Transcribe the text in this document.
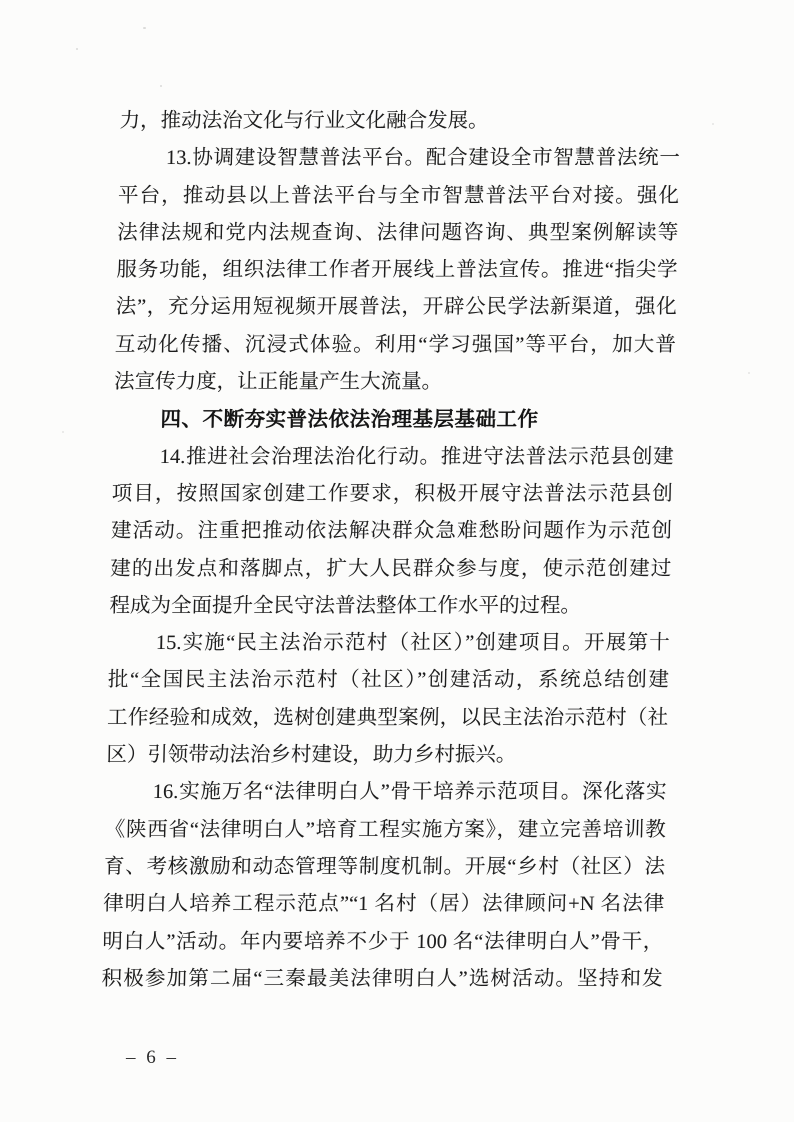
力，推动法治文化与行业文化融合发展。
13.协调建设智慧普法平台。配合建设全市智慧普法统一
平台，推动县以上普法平台与全市智慧普法平台对接。强化
法律法规和党内法规查询、法律问题咨询、典型案例解读等
服务功能，组织法律工作者开展线上普法宣传。推进“指尖学
法”，充分运用短视频开展普法，开辟公民学法新渠道，强化
互动化传播、沉浸式体验。利用“学习强国”等平台，加大普
法宣传力度，让正能量产生大流量。
四、不断夯实普法依法治理基层基础工作
14.推进社会治理法治化行动。推进守法普法示范县创建
项目，按照国家创建工作要求，积极开展守法普法示范县创
建活动。注重把推动依法解决群众急难愁盼问题作为示范创
建的出发点和落脚点，扩大人民群众参与度，使示范创建过
程成为全面提升全民守法普法整体工作水平的过程。
15.实施“民主法治示范村（社区）”创建项目。开展第十
批“全国民主法治示范村（社区）”创建活动，系统总结创建
工作经验和成效，选树创建典型案例，以民主法治示范村（社
区）引领带动法治乡村建设，助力乡村振兴。
16.实施万名“法律明白人”骨干培养示范项目。深化落实
《陕西省“法律明白人”培育工程实施方案》，建立完善培训教
育、考核激励和动态管理等制度机制。开展“乡村（社区）法
律明白人培养工程示范点”“1 名村（居）法律顾问+N 名法律
明白人”活动。年内要培养不少于 100 名“法律明白人”骨干，
积极参加第二届“三秦最美法律明白人”选树活动。坚持和发
– 6 –
